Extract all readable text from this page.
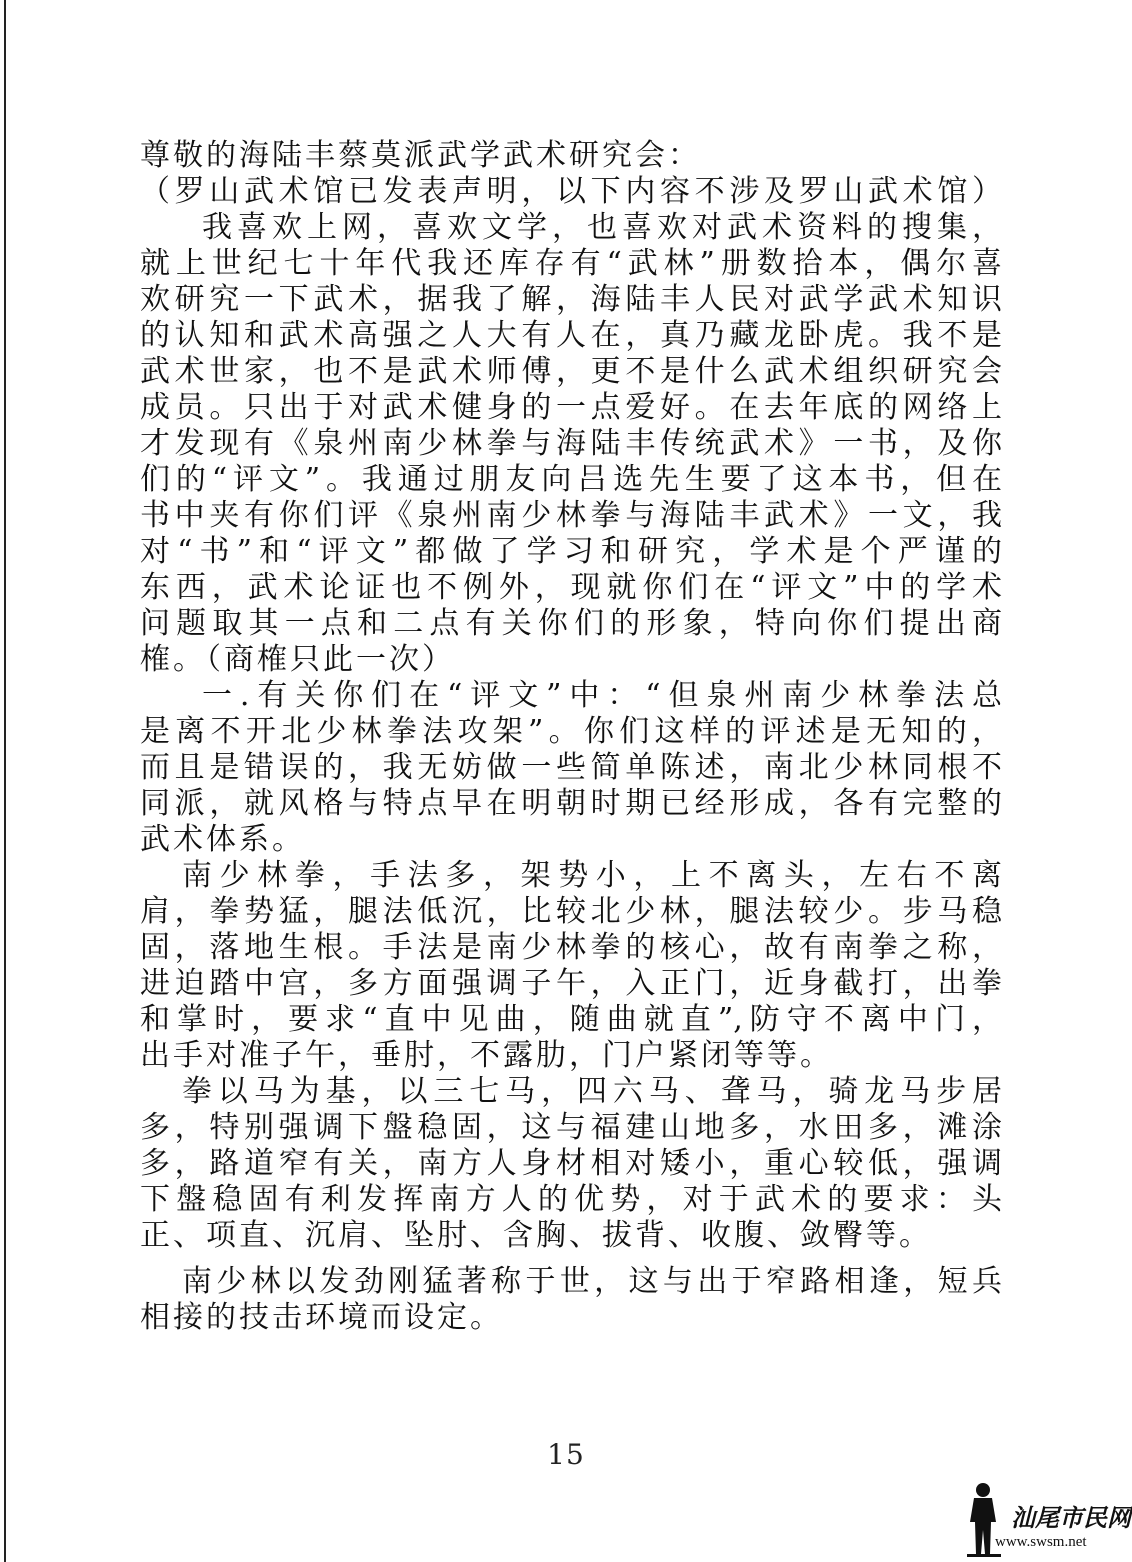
尊敬的海陆丰蔡莫派武学武术研究会：
（罗山武术馆已发表声明，以下内容不涉及罗山武术馆）
我喜欢上网，喜欢文学，也喜欢对武术资料的搜集，
就上世纪七十年代我还库存有“武林”册数拾本，偶尔喜
欢研究一下武术，据我了解，海陆丰人民对武学武术知识
的认知和武术高强之人大有人在，真乃藏龙卧虎。我不是
武术世家，也不是武术师傅，更不是什么武术组织研究会
成员。只出于对武术健身的一点爱好。在去年底的网络上
才发现有《泉州南少林拳与海陆丰传统武术》一书，及你
们的“评文”。我通过朋友向吕选先生要了这本书，但在
书中夹有你们评《泉州南少林拳与海陆丰武术》一文，我
对“书”和“评文”都做了学习和研究，学术是个严谨的
东西，武术论证也不例外，现就你们在“评文”中的学术
问题取其一点和二点有关你们的形象，特向你们提出商
榷。（商榷只此一次）
一.有关你们在“评文”中：“但泉州南少林拳法总
是离不开北少林拳法攻架”。你们这样的评述是无知的，
而且是错误的，我无妨做一些简单陈述，南北少林同根不
同派，就风格与特点早在明朝时期已经形成，各有完整的
武术体系。
南少林拳，手法多，架势小，上不离头，左右不离
肩，拳势猛，腿法低沉，比较北少林，腿法较少。步马稳
固，落地生根。手法是南少林拳的核心，故有南拳之称，
进迫踏中宫，多方面强调子午，入正门，近身截打，出拳
和掌时，要求“直中见曲，随曲就直”,防守不离中门，
出手对准子午，垂肘，不露肋，门户紧闭等等。
拳以马为基，以三七马，四六马、聋马，骑龙马步居
多，特别强调下盤稳固，这与福建山地多，水田多，滩涂
多，路道窄有关，南方人身材相对矮小，重心较低，强调
下盤稳固有利发挥南方人的优势，对于武术的要求：头
正、项直、沉肩、坠肘、含胸、拔背、收腹、敛臀等。
南少林以发劲刚猛著称于世，这与出于窄路相逢，短兵
相接的技击环境而设定。
15
汕尾市民网
www.swsm.net
